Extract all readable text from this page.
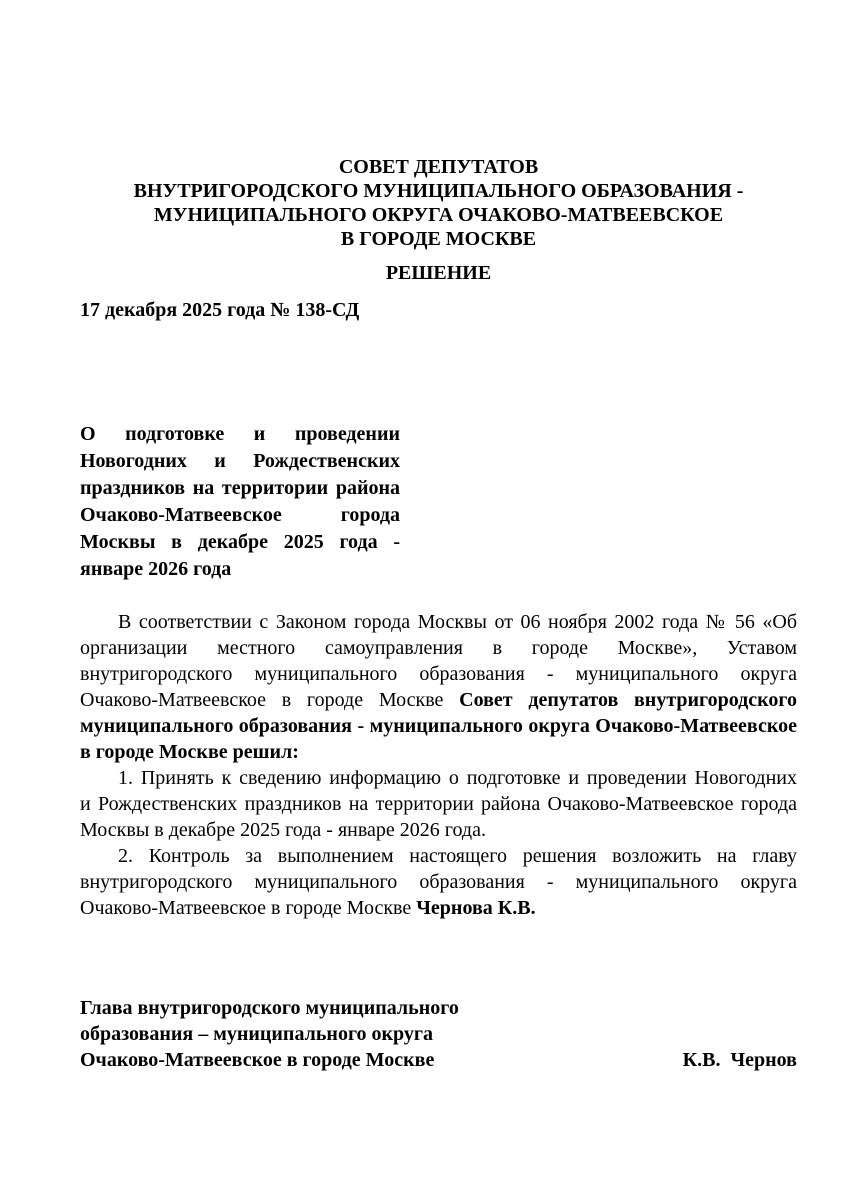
СОВЕТ ДЕПУТАТОВ
ВНУТРИГОРОДСКОГО МУНИЦИПАЛЬНОГО ОБРАЗОВАНИЯ -
МУНИЦИПАЛЬНОГО ОКРУГА ОЧАКОВО-МАТВЕЕВСКОЕ
В ГОРОДЕ МОСКВЕ
РЕШЕНИЕ
17 декабря 2025 года № 138-СД
О подготовке и проведении
Новогодних и Рождественских
праздников на территории района
Очаково-Матвеевское города
Москвы в декабре 2025 года -
январе 2026 года
В соответствии с Законом города Москвы от 06 ноября 2002 года № 56 «Об
организации местного самоуправления в городе Москве», Уставом
внутригородского муниципального образования - муниципального округа
Очаково-Матвеевское в городе Москве Совет депутатов внутригородского
муниципального образования - муниципального округа Очаково-Матвеевское
в городе Москве решил:
1. Принять к сведению информацию о подготовке и проведении Новогодних
и Рождественских праздников на территории района Очаково-Матвеевское города
Москвы в декабре 2025 года - январе 2026 года.
2. Контроль за выполнением настоящего решения возложить на главу
внутригородского муниципального образования - муниципального округа
Очаково-Матвеевское в городе Москве Чернова К.В.
Глава внутригородского муниципального
образования – муниципального округа
Очаково-Матвеевское в городе Москве	К.В.  Чернов
